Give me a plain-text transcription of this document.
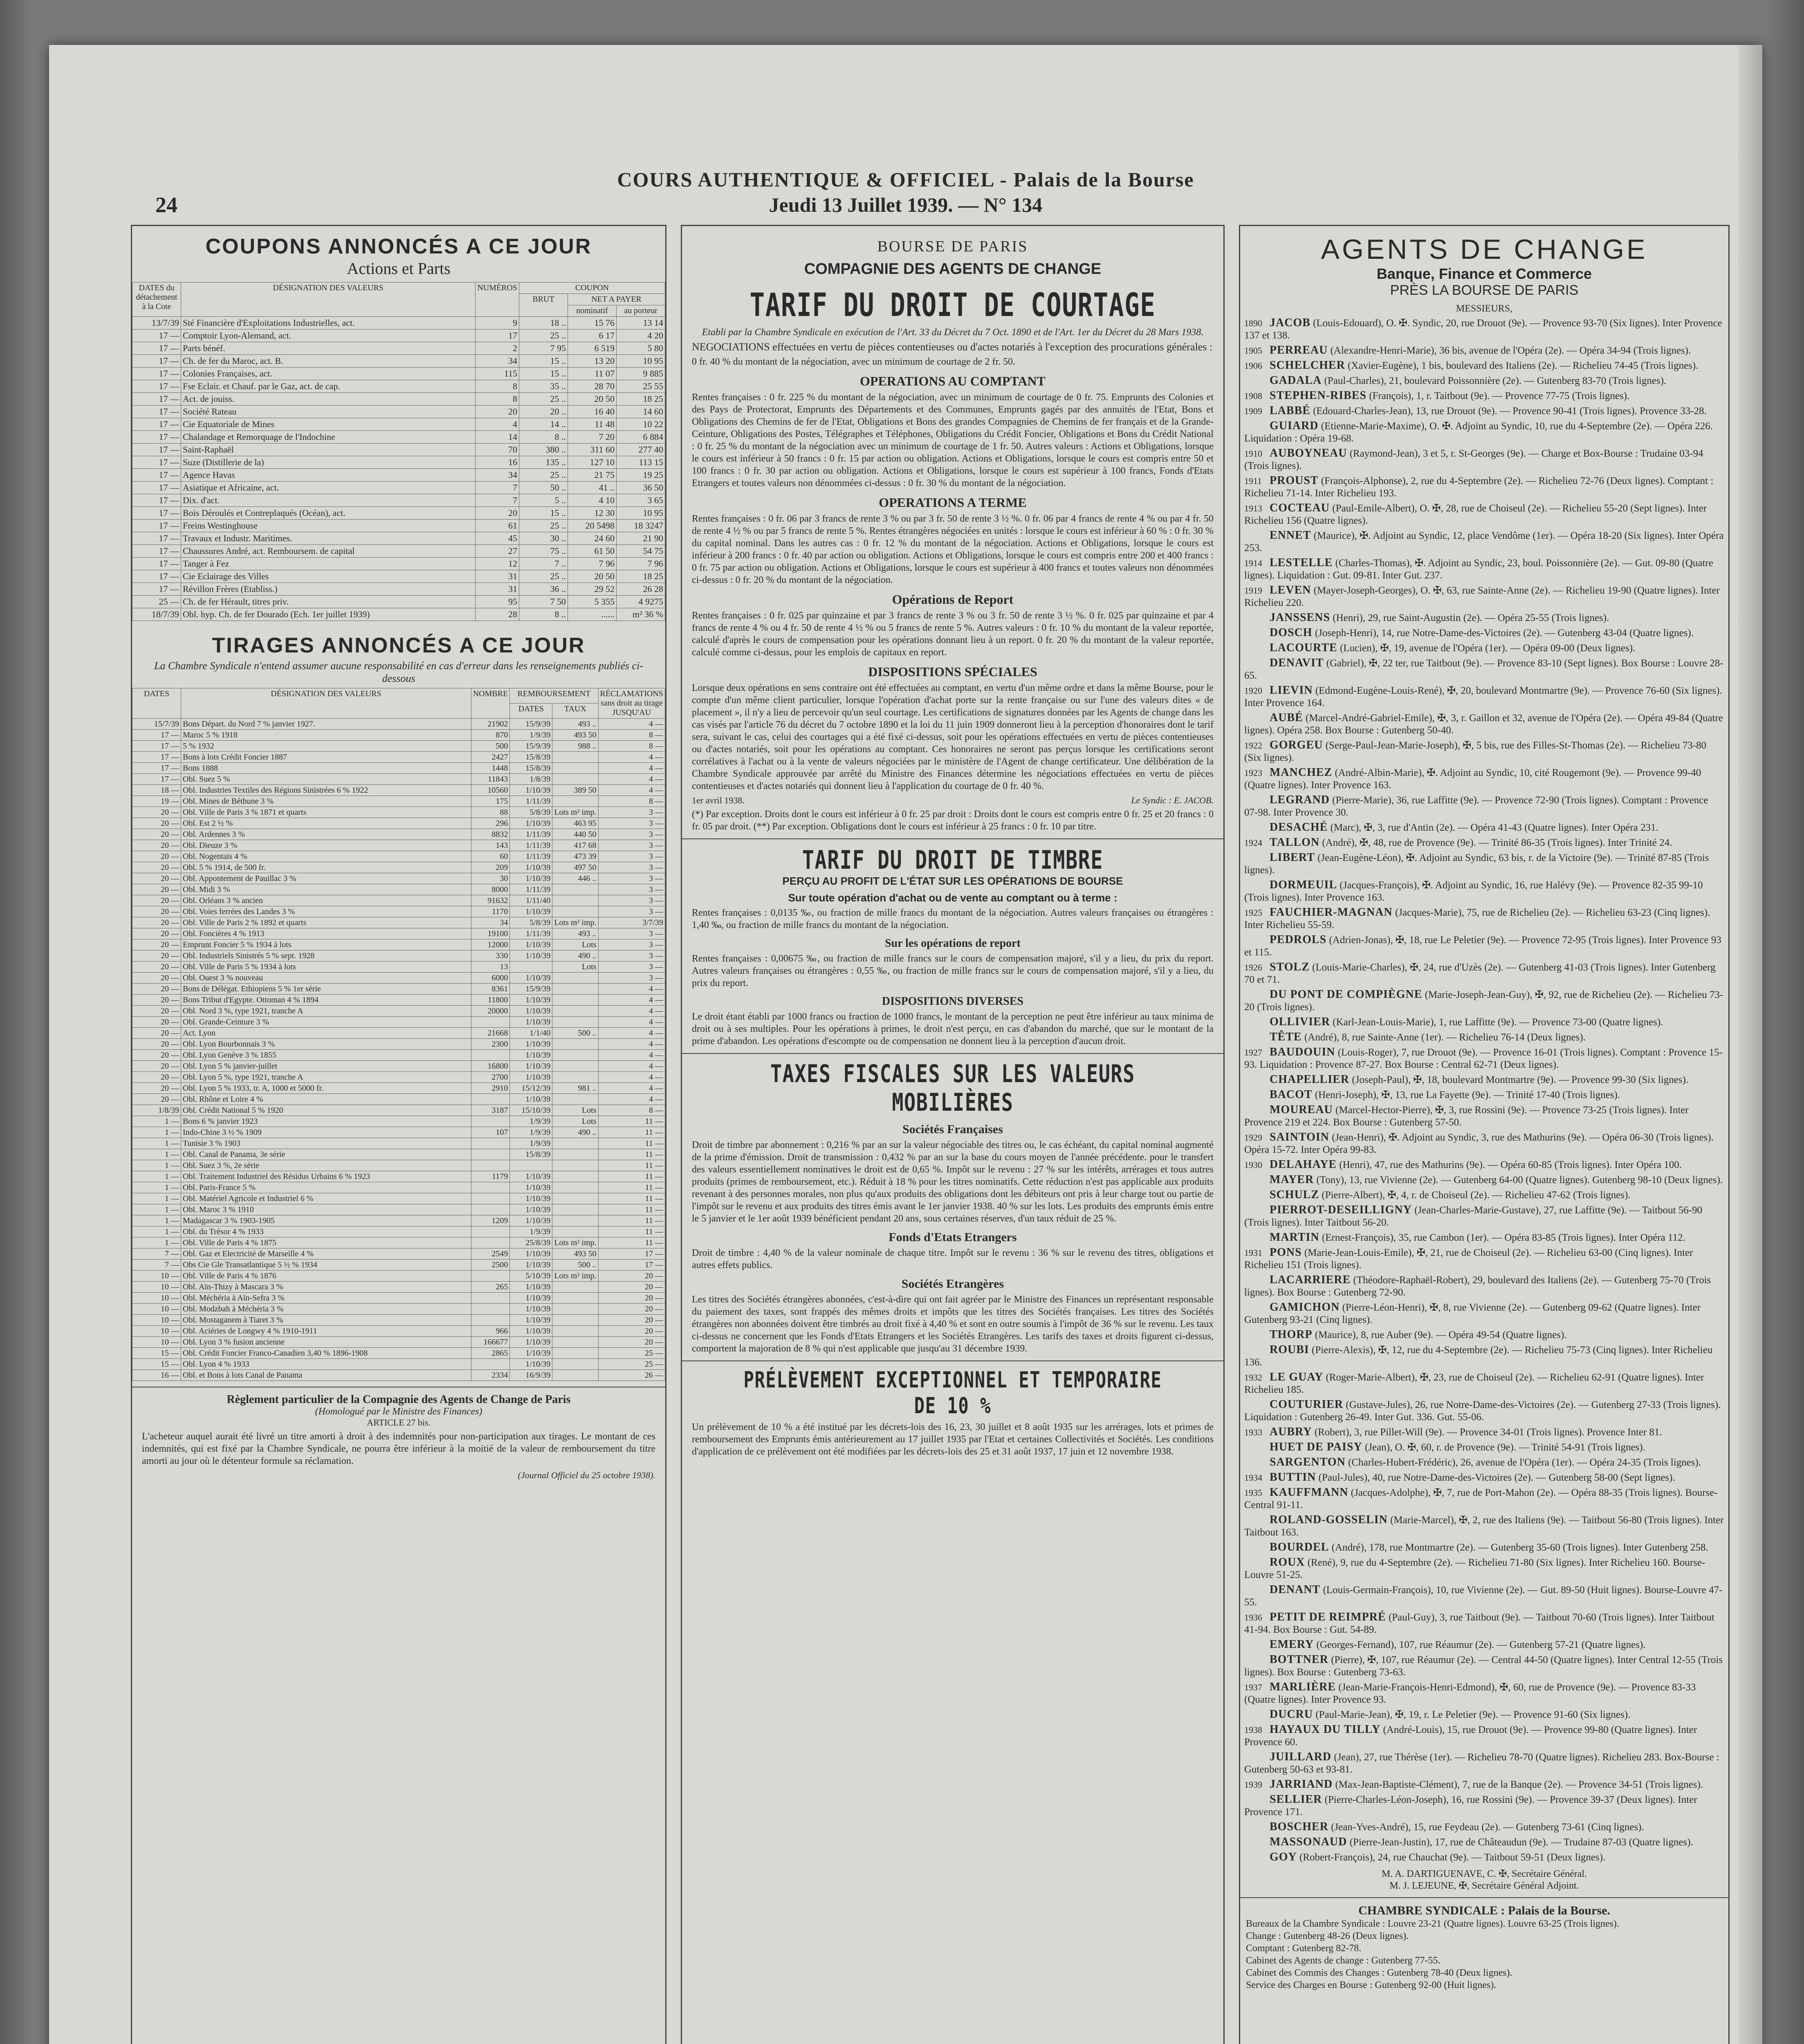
24
COURS AUTHENTIQUE & OFFICIEL - Palais de la Bourse
Jeudi 13 Juillet 1939. — N° 134
COUPONS ANNONCÉS A CE JOUR
Actions et Parts
DATES du détachement à la Cote	DÉSIGNATION DES VALEURS	NUMÉROS	COUPON		
			BRUT	NET A PAYER	
				nominatif	au porteur
13/7/39	Sté Financière d'Exploitations Industrielles, act.	9	18 ..	15 76	13 14
17 —	Comptoir Lyon-Alemand, act.	17	25 ..	6 17	4 20
17 —	Parts bénéf.	2	7 95	6 519	5 80
17 —	Ch. de fer du Maroc, act. B.	34	15 ..	13 20	10 95
17 —	Colonies Françaises, act.	115	15 ..	11 07	9 885
17 —	Fse Eclair. et Chauf. par le Gaz, act. de cap.	8	35 ..	28 70	25 55
17 —	Act. de jouiss.	8	25 ..	20 50	18 25
17 —	Société Rateau	20	20 ..	16 40	14 60
17 —	Cie Equatoriale de Mines	4	14 ..	11 48	10 22
17 —	Chalandage et Remorquage de l'Indochine	14	8 ..	7 20	6 884
17 —	Saint-Raphaël	70	380 ..	311 60	277 40
17 —	Suze (Distillerie de la)	16	135 ..	127 10	113 15
17 —	Agence Havas	34	25 ..	21 75	19 25
17 —	Asiatique et Africaine, act.	7	50 ..	41 ..	36 50
17 —	Dix. d'act.	7	5 ..	4 10	3 65
17 —	Bois Déroulés et Contreplaqués (Océan), act.	20	15 ..	12 30	10 95
17 —	Freins Westinghouse	61	25 ..	20 5498	18 3247
17 —	Travaux et Industr. Maritimes.	45	30 ..	24 60	21 90
17 —	Chaussures André, act. Remboursem. de capital	27	75 ..	61 50	54 75
17 —	Tanger à Fez	12	7 ..	7 96	7 96
17 —	Cie Eclairage des Villes	31	25 ..	20 50	18 25
17 —	Révillon Frères (Etabliss.)	31	36 ..	29 52	26 28
25 —	Ch. de fer Hérault, titres priv.	95	7 50	5 355	4 9275
18/7/39	Obl. hyp. Ch. de fer Dourado (Ech. 1er juillet 1939)	28	8 ..	......	m² 36 %
TIRAGES ANNONCÉS A CE JOUR
La Chambre Syndicale n'entend assumer aucune responsabilité en cas d'erreur dans les renseignements publiés ci-dessous
DATES	DÉSIGNATION DES VALEURS	NOMBRE	REMBOURSEMENT		RÉCLAMATIONS sans droit au tirage JUSQU'AU
			DATES	TAUX	
15/7/39	Bons Départ. du Nord 7 % janvier 1927.	21902	15/9/39	493 ..	4 —
17 —	Maroc 5 % 1918	870	1/9/39	493 50	8 —
17 —	5 % 1932	500	15/9/39	988 ..	8 —
17 —	Bons à lots Crédit Foncier 1887	2427	15/8/39		4 —
17 —	Bons 1888	1448	15/8/39		4 —
17 —	Obl. Suez 5 %	11843	1/8/39		4 —
18 —	Obl. Industries Textiles des Régions Sinistrées 6 % 1922	10560	1/10/39	389 50	4 —
19 —	Obl. Mines de Béthune 3 %	175	1/11/39		8 —
20 —	Obl. Ville de Paris 3 % 1871 et quarts	88	5/8/39	Lots m² imp.	3 —
20 —	Obl. Est 2 ½ %	296	1/10/39	463 95	3 —
20 —	Obl. Ardennes 3 %	8832	1/11/39	440 50	3 —
20 —	Obl. Dieuze 3 %	143	1/11/39	417 68	3 —
20 —	Obl. Nogentais 4 %	60	1/11/39	473 39	3 —
20 —	Obl. 5 % 1914, de 500 fr.	209	1/10/39	497 50	3 —
20 —	Obl. Appontement de Pauillac 3 %	30	1/10/39	446 ..	3 —
20 —	Obl. Midi 3 %	8000	1/11/39		3 —
20 —	Obl. Orléans 3 % ancien	91632	1/11/40		3 —
20 —	Obl. Voies ferrées des Landes 3 %	1170	1/10/39		3 —
20 —	Obl. Ville de Paris 2 % 1892 et quarts	34	5/8/39	Lots m² imp.	3/7/39
20 —	Obl. Foncières 4 % 1913	19100	1/11/39	493 ..	3 —
20 —	Emprunt Foncier 5 % 1934 à lots	12000	1/10/39	Lots	3 —
20 —	Obl. Industriels Sinistrés 5 % sept. 1928	330	1/10/39	490 ..	3 —
20 —	Obl. Ville de Paris 5 % 1934 à lots	13		Lots	3 —
20 —	Obl. Ouest 3 % nouveau	6000	1/10/39		3 —
20 —	Bons de Délégat. Ethiopiens 5 % 1er série	8361	15/9/39		4 —
20 —	Bons Tribut d'Egypte. Ottoman 4 % 1894	11800	1/10/39		4 —
20 —	Obl. Nord 3 %, type 1921, tranche A	20000	1/10/39		4 —
20 —	Obl. Grande-Ceinture 3 %		1/10/39		4 —
20 —	Act. Lyon	21668	1/1/40	500 ..	4 —
20 —	Obl. Lyon Bourbonnais 3 %	2300	1/10/39		4 —
20 —	Obl. Lyon Genève 3 % 1855		1/10/39		4 —
20 —	Obl. Lyon 5 % janvier-juillet	16800	1/10/39		4 —
20 —	Obl. Lyon 5 %, type 1921, tranche A	2700	1/10/39		4 —
20 —	Obl. Lyon 5 % 1933, tr. A, 1000 et 5000 fr.	2910	15/12/39	981 ..	4 —
20 —	Obl. Rhône et Loire 4 %		1/10/39		4 —
1/8/39	Obl. Crédit National 5 % 1920	3187	15/10/39	Lots	8 —
1 —	Bons 6 % janvier 1923		1/9/39	Lots	11 —
1 —	Indo-Chine 3 ½ % 1909	107	1/9/39	490 ..	11 —
1 —	Tunisie 3 % 1903		1/9/39		11 —
1 —	Obl. Canal de Panama, 3e série		15/8/39		11 —
1 —	Obl. Suez 3 %, 2e série				11 —
1 —	Obl. Traitement Industriel des Résidus Urbains 6 % 1923	1179	1/10/39		11 —
1 —	Obl. Paris-France 5 %		1/10/39		11 —
1 —	Obl. Matériel Agricole et Industriel 6 %		1/10/39		11 —
1 —	Obl. Maroc 3 % 1910		1/10/39		11 —
1 —	Madagascar 3 % 1903-1905	1209	1/10/39		11 —
1 —	Obl. du Trésor 4 % 1933		1/9/39		11 —
1 —	Obl. Ville de Paris 4 % 1875		25/8/39	Lots m² imp.	11 —
7 —	Obl. Gaz et Electricité de Marseille 4 %	2549	1/10/39	493 50	17 —
7 —	Obs Cie Gle Transatlantique 5 ½ % 1934	2500	1/10/39	500 ..	17 —
10 —	Obl. Ville de Paris 4 % 1876		5/10/39	Lots m² imp.	20 —
10 —	Obl. Aïn-Thizy à Mascara 3 %	265	1/10/39		20 —
10 —	Obl. Méchéria à Aïn-Sefra 3 %		1/10/39		20 —
10 —	Obl. Modzbah à Méchéria 3 %		1/10/39		20 —
10 —	Obl. Mostaganem à Tiaret 3 %		1/10/39		20 —
10 —	Obl. Aciéries de Longwy 4 % 1910-1911	966	1/10/39		20 —
10 —	Obl. Lyon 3 % fusion ancienne	166677	1/10/39		20 —
15 —	Obl. Crédit Foncier Franco-Canadien 3,40 % 1896-1908	2865	1/10/39		25 —
15 —	Obl. Lyon 4 % 1933		1/10/39		25 —
16 —	Obl. et Bons à lots Canal de Panama	2334	16/9/39		26 —
Règlement particulier de la Compagnie des Agents de Change de Paris
(Homologué par le Ministre des Finances)
ARTICLE 27 bis.
L'acheteur auquel aurait été livré un titre amorti à droit à des indemnités pour non-participation aux tirages. Le montant de ces indemnités, qui est fixé par la Chambre Syndicale, ne pourra être inférieur à la moitié de la valeur de remboursement du titre amorti au jour où le détenteur formule sa réclamation.
(Journal Officiel du 25 octobre 1938).
BOURSE DE PARIS
COMPAGNIE DES AGENTS DE CHANGE
TARIF DU DROIT DE COURTAGE
Etabli par la Chambre Syndicale en exécution de l'Art. 33 du Décret du 7 Oct. 1890 et de l'Art. 1er du Décret du 28 Mars 1938.
NEGOCIATIONS effectuées en vertu de pièces contentieuses ou d'actes notariés à l'exception des procurations générales :
0 fr. 40 % du montant de la négociation, avec un minimum de courtage de 2 fr. 50.
OPERATIONS AU COMPTANT
Rentes françaises : 0 fr. 225 % du montant de la négociation, avec un minimum de courtage de 0 fr. 75. Emprunts des Colonies et des Pays de Protectorat, Emprunts des Départements et des Communes, Emprunts gagés par des annuités de l'Etat, Bons et Obligations des Chemins de fer de l'Etat, Obligations et Bons des grandes Compagnies de Chemins de fer français et de la Grande-Ceinture, Obligations des Postes, Télégraphes et Téléphones, Obligations du Crédit Foncier, Obligations et Bons du Crédit National : 0 fr. 25 % du montant de la négociation avec un minimum de courtage de 1 fr. 50. Autres valeurs : Actions et Obligations, lorsque le cours est inférieur à 50 francs : 0 fr. 15 par action ou obligation. Actions et Obligations, lorsque le cours est compris entre 50 et 100 francs : 0 fr. 30 par action ou obligation. Actions et Obligations, lorsque le cours est supérieur à 100 francs, Fonds d'Etats Etrangers et toutes valeurs non dénommées ci-dessus : 0 fr. 30 % du montant de la négociation.
OPERATIONS A TERME
Rentes françaises : 0 fr. 06 par 3 francs de rente 3 % ou par 3 fr. 50 de rente 3 ½ %. 0 fr. 06 par 4 francs de rente 4 % ou par 4 fr. 50 de rente 4 ½ % ou par 5 francs de rente 5 %. Rentes étrangères négociées en unités : lorsque le cours est inférieur à 60 % : 0 fr. 30 % du capital nominal. Dans les autres cas : 0 fr. 12 % du montant de la négociation. Actions et Obligations, lorsque le cours est inférieur à 200 francs : 0 fr. 40 par action ou obligation. Actions et Obligations, lorsque le cours est compris entre 200 et 400 francs : 0 fr. 75 par action ou obligation. Actions et Obligations, lorsque le cours est supérieur à 400 francs et toutes valeurs non dénommées ci-dessus : 0 fr. 20 % du montant de la négociation.
Opérations de Report
Rentes françaises : 0 fr. 025 par quinzaine et par 3 francs de rente 3 % ou 3 fr. 50 de rente 3 ½ %. 0 fr. 025 par quinzaine et par 4 francs de rente 4 % ou 4 fr. 50 de rente 4 ½ % ou 5 francs de rente 5 %. Autres valeurs : 0 fr. 10 % du montant de la valeur reportée, calculé d'après le cours de compensation pour les opérations donnant lieu à un report. 0 fr. 20 % du montant de la valeur reportée, calculé comme ci-dessus, pour les emplois de capitaux en report.
DISPOSITIONS SPÉCIALES
Lorsque deux opérations en sens contraire ont été effectuées au comptant, en vertu d'un même ordre et dans la même Bourse, pour le compte d'un même client particulier, lorsque l'opération d'achat porte sur la rente française ou sur l'une des valeurs dites « de placement », il n'y a lieu de percevoir qu'un seul courtage. Les certifications de signatures données par les Agents de change dans les cas visés par l'article 76 du décret du 7 octobre 1890 et la loi du 11 juin 1909 donneront lieu à la perception d'honoraires dont le tarif sera, suivant le cas, celui des courtages qui a été fixé ci-dessus, soit pour les opérations effectuées en vertu de pièces contentieuses ou d'actes notariés, soit pour les opérations au comptant. Ces honoraires ne seront pas perçus lorsque les certifications seront corrélatives à l'achat ou à la vente de valeurs négociées par le ministère de l'Agent de change certificateur. Une délibération de la Chambre Syndicale approuvée par arrêté du Ministre des Finances détermine les négociations effectuées en vertu de pièces contentieuses et d'actes notariés qui donnent lieu à l'application du courtage de 0 fr. 40 %.
1er avril 1938.	Le Syndic : E. JACOB.
(*) Par exception. Droits dont le cours est inférieur à 0 fr. 25 par droit : Droits dont le cours est compris entre 0 fr. 25 et 20 francs : 0 fr. 05 par droit. (**) Par exception. Obligations dont le cours est inférieur à 25 francs : 0 fr. 10 par titre.
TARIF DU DROIT DE TIMBRE
PERÇU AU PROFIT DE L'ÉTAT SUR LES OPÉRATIONS DE BOURSE
Sur toute opération d'achat ou de vente au comptant ou à terme :
Rentes françaises : 0,0135 ‰, ou fraction de mille francs du montant de la négociation. Autres valeurs françaises ou étrangères : 1,40 ‰, ou fraction de mille francs du montant de la négociation.
Sur les opérations de report
Rentes françaises : 0,00675 ‰, ou fraction de mille francs sur le cours de compensation majoré, s'il y a lieu, du prix du report. Autres valeurs françaises ou étrangères : 0,55 ‰, ou fraction de mille francs sur le cours de compensation majoré, s'il y a lieu, du prix du report.
DISPOSITIONS DIVERSES
Le droit étant établi par 1000 francs ou fraction de 1000 francs, le montant de la perception ne peut être inférieur au taux minima de droit ou à ses multiples. Pour les opérations à primes, le droit n'est perçu, en cas d'abandon du marché, que sur le montant de la prime d'abandon. Les opérations d'escompte ou de compensation ne donnent lieu à la perception d'aucun droit.
TAXES FISCALES SUR LES VALEURS MOBILIÈRES
Sociétés Françaises
Droit de timbre par abonnement : 0,216 % par an sur la valeur négociable des titres ou, le cas échéant, du capital nominal augmenté de la prime d'émission. Droit de transmission : 0,432 % par an sur la base du cours moyen de l'année précédente. pour le transfert des valeurs essentiellement nominatives le droit est de 0,65 %. Impôt sur le revenu : 27 % sur les intérêts, arrérages et tous autres produits (primes de remboursement, etc.). Réduit à 18 % pour les titres nominatifs. Cette réduction n'est pas applicable aux produits revenant à des personnes morales, non plus qu'aux produits des obligations dont les débiteurs ont pris à leur charge tout ou partie de l'impôt sur le revenu et aux produits des titres émis avant le 1er janvier 1938. 40 % sur les lots. Les produits des emprunts émis entre le 5 janvier et le 1er août 1939 bénéficient pendant 20 ans, sous certaines réserves, d'un taux réduit de 25 %.
Fonds d'Etats Etrangers
Droit de timbre : 4,40 % de la valeur nominale de chaque titre. Impôt sur le revenu : 36 % sur le revenu des titres, obligations et autres effets publics.
Sociétés Etrangères
Les titres des Sociétés étrangères abonnées, c'est-à-dire qui ont fait agréer par le Ministre des Finances un représentant responsable du paiement des taxes, sont frappés des mêmes droits et impôts que les titres des Sociétés françaises. Les titres des Sociétés étrangères non abonnées doivent être timbrés au droit fixé à 4,40 % et sont en outre soumis à l'impôt de 36 % sur le revenu. Les taux ci-dessus ne concernent que les Fonds d'Etats Etrangers et les Sociétés Etrangères. Les tarifs des taxes et droits figurent ci-dessus, comportent la majoration de 8 % qui n'est applicable que jusqu'au 31 décembre 1939.
PRÉLÈVEMENT EXCEPTIONNEL ET TEMPORAIRE DE 10 %
Un prélèvement de 10 % a été institué par les décrets-lois des 16, 23, 30 juillet et 8 août 1935 sur les arrérages, lots et primes de remboursement des Emprunts émis antérieurement au 17 juillet 1935 par l'Etat et certaines Collectivités et Sociétés. Les conditions d'application de ce prélèvement ont été modifiées par les décrets-lois des 25 et 31 août 1937, 17 juin et 12 novembre 1938.
AGENTS DE CHANGE
Banque, Finance et Commerce
PRÈS LA BOURSE DE PARIS
MESSIEURS,
1890 JACOB (Louis-Edouard), O. ✠. Syndic, 20, rue Drouot (9e). — Provence 93-70 (Six lignes). Inter Provence 137 et 138.
1905 PERREAU (Alexandre-Henri-Marie), 36 bis, avenue de l'Opéra (2e). — Opéra 34-94 (Trois lignes).
1906 SCHELCHER (Xavier-Eugène), 1 bis, boulevard des Italiens (2e). — Richelieu 74-45 (Trois lignes).
GADALA (Paul-Charles), 21, boulevard Poissonnière (2e). — Gutenberg 83-70 (Trois lignes).
1908 STEPHEN-RIBES (François), 1, r. Taitbout (9e). — Provence 77-75 (Trois lignes).
1909 LABBÉ (Edouard-Charles-Jean), 13, rue Drouot (9e). — Provence 90-41 (Trois lignes). Provence 33-28.
GUIARD (Etienne-Marie-Maxime), O. ✠. Adjoint au Syndic, 10, rue du 4-Septembre (2e). — Opéra 226. Liquidation : Opéra 19-68.
1910 AUBOYNEAU (Raymond-Jean), 3 et 5, r. St-Georges (9e). — Charge et Box-Bourse : Trudaine 03-94 (Trois lignes).
1911 PROUST (François-Alphonse), 2, rue du 4-Septembre (2e). — Richelieu 72-76 (Deux lignes). Comptant : Richelieu 71-14. Inter Richelieu 193.
1913 COCTEAU (Paul-Emile-Albert), O. ✠, 28, rue de Choiseul (2e). — Richelieu 55-20 (Sept lignes). Inter Richelieu 156 (Quatre lignes).
ENNET (Maurice), ✠. Adjoint au Syndic, 12, place Vendôme (1er). — Opéra 18-20 (Six lignes). Inter Opéra 253.
1914 LESTELLE (Charles-Thomas), ✠. Adjoint au Syndic, 23, boul. Poissonnière (2e). — Gut. 09-80 (Quatre lignes). Liquidation : Gut. 09-81. Inter Gut. 237.
1919 LEVEN (Mayer-Joseph-Georges), O. ✠, 63, rue Sainte-Anne (2e). — Richelieu 19-90 (Quatre lignes). Inter Richelieu 220.
JANSSENS (Henri), 29, rue Saint-Augustin (2e). — Opéra 25-55 (Trois lignes).
DOSCH (Joseph-Henri), 14, rue Notre-Dame-des-Victoires (2e). — Gutenberg 43-04 (Quatre lignes).
LACOURTE (Lucien), ✠, 19, avenue de l'Opéra (1er). — Opéra 09-00 (Deux lignes).
DENAVIT (Gabriel), ✠, 22 ter, rue Taitbout (9e). — Provence 83-10 (Sept lignes). Box Bourse : Louvre 28-65.
1920 LIEVIN (Edmond-Eugène-Louis-René), ✠, 20, boulevard Montmartre (9e). — Provence 76-60 (Six lignes). Inter Provence 164.
AUBÉ (Marcel-André-Gabriel-Emile), ✠, 3, r. Gaillon et 32, avenue de l'Opéra (2e). — Opéra 49-84 (Quatre lignes). Opéra 258. Box Bourse : Gutenberg 50-40.
1922 GORGEU (Serge-Paul-Jean-Marie-Joseph), ✠, 5 bis, rue des Filles-St-Thomas (2e). — Richelieu 73-80 (Six lignes).
1923 MANCHEZ (André-Albin-Marie), ✠. Adjoint au Syndic, 10, cité Rougemont (9e). — Provence 99-40 (Quatre lignes). Inter Provence 163.
LEGRAND (Pierre-Marie), 36, rue Laffitte (9e). — Provence 72-90 (Trois lignes). Comptant : Provence 07-98. Inter Provence 30.
DESACHÉ (Marc), ✠, 3, rue d'Antin (2e). — Opéra 41-43 (Quatre lignes). Inter Opéra 231.
1924 TALLON (André), ✠, 48, rue de Provence (9e). — Trinité 86-35 (Trois lignes). Inter Trinité 24.
LIBERT (Jean-Eugène-Léon), ✠. Adjoint au Syndic, 63 bis, r. de la Victoire (9e). — Trinité 87-85 (Trois lignes).
DORMEUIL (Jacques-François), ✠. Adjoint au Syndic, 16, rue Halévy (9e). — Provence 82-35 99-10 (Trois lignes). Inter Provence 163.
1925 FAUCHIER-MAGNAN (Jacques-Marie), 75, rue de Richelieu (2e). — Richelieu 63-23 (Cinq lignes). Inter Richelieu 55-59.
PEDROLS (Adrien-Jonas), ✠, 18, rue Le Peletier (9e). — Provence 72-95 (Trois lignes). Inter Provence 93 et 115.
1926 STOLZ (Louis-Marie-Charles), ✠, 24, rue d'Uzès (2e). — Gutenberg 41-03 (Trois lignes). Inter Gutenberg 70 et 71.
DU PONT DE COMPIÈGNE (Marie-Joseph-Jean-Guy), ✠, 92, rue de Richelieu (2e). — Richelieu 73-20 (Trois lignes).
OLLIVIER (Karl-Jean-Louis-Marie), 1, rue Laffitte (9e). — Provence 73-00 (Quatre lignes).
TÊTE (André), 8, rue Sainte-Anne (1er). — Richelieu 76-14 (Deux lignes).
1927 BAUDOUIN (Louis-Roger), 7, rue Drouot (9e). — Provence 16-01 (Trois lignes). Comptant : Provence 15-93. Liquidation : Provence 87-27. Box Bourse : Central 62-71 (Deux lignes).
CHAPELLIER (Joseph-Paul), ✠, 18, boulevard Montmartre (9e). — Provence 99-30 (Six lignes).
BACOT (Henri-Joseph), ✠, 13, rue La Fayette (9e). — Trinité 17-40 (Trois lignes).
MOUREAU (Marcel-Hector-Pierre), ✠, 3, rue Rossini (9e). — Provence 73-25 (Trois lignes). Inter Provence 219 et 224. Box Bourse : Gutenberg 57-50.
1929 SAINTOIN (Jean-Henri), ✠. Adjoint au Syndic, 3, rue des Mathurins (9e). — Opéra 06-30 (Trois lignes). Opéra 15-72. Inter Opéra 99-83.
1930 DELAHAYE (Henri), 47, rue des Mathurins (9e). — Opéra 60-85 (Trois lignes). Inter Opéra 100.
MAYER (Tony), 13, rue Vivienne (2e). — Gutenberg 64-00 (Quatre lignes). Gutenberg 98-10 (Deux lignes).
SCHULZ (Pierre-Albert), ✠, 4, r. de Choiseul (2e). — Richelieu 47-62 (Trois lignes).
PIERROT-DESEILLIGNY (Jean-Charles-Marie-Gustave), 27, rue Laffitte (9e). — Taitbout 56-90 (Trois lignes). Inter Taitbout 56-20.
MARTIN (Ernest-François), 35, rue Cambon (1er). — Opéra 83-85 (Trois lignes). Inter Opéra 112.
1931 PONS (Marie-Jean-Louis-Emile), ✠, 21, rue de Choiseul (2e). — Richelieu 63-00 (Cinq lignes). Inter Richelieu 151 (Trois lignes).
LACARRIERE (Théodore-Raphaël-Robert), 29, boulevard des Italiens (2e). — Gutenberg 75-70 (Trois lignes). Box Bourse : Gutenberg 72-90.
GAMICHON (Pierre-Léon-Henri), ✠, 8, rue Vivienne (2e). — Gutenberg 09-62 (Quatre lignes). Inter Gutenberg 93-21 (Cinq lignes).
THORP (Maurice), 8, rue Auber (9e). — Opéra 49-54 (Quatre lignes).
ROUBI (Pierre-Alexis), ✠, 12, rue du 4-Septembre (2e). — Richelieu 75-73 (Cinq lignes). Inter Richelieu 136.
1932 LE GUAY (Roger-Marie-Albert), ✠, 23, rue de Choiseul (2e). — Richelieu 62-91 (Quatre lignes). Inter Richelieu 185.
COUTURIER (Gustave-Jules), 26, rue Notre-Dame-des-Victoires (2e). — Gutenberg 27-33 (Trois lignes). Liquidation : Gutenberg 26-49. Inter Gut. 336. Gut. 55-06.
1933 AUBRY (Robert), 3, rue Pillet-Will (9e). — Provence 34-01 (Trois lignes). Provence Inter 81.
HUET DE PAISY (Jean), O. ✠, 60, r. de Provence (9e). — Trinité 54-91 (Trois lignes).
SARGENTON (Charles-Hubert-Frédéric), 26, avenue de l'Opéra (1er). — Opéra 24-35 (Trois lignes).
1934 BUTTIN (Paul-Jules), 40, rue Notre-Dame-des-Victoires (2e). — Gutenberg 58-00 (Sept lignes).
1935 KAUFFMANN (Jacques-Adolphe), ✠, 7, rue de Port-Mahon (2e). — Opéra 88-35 (Trois lignes). Bourse-Central 91-11.
ROLAND-GOSSELIN (Marie-Marcel), ✠, 2, rue des Italiens (9e). — Taitbout 56-80 (Trois lignes). Inter Taitbout 163.
BOURDEL (André), 178, rue Montmartre (2e). — Gutenberg 35-60 (Trois lignes). Inter Gutenberg 258.
ROUX (René), 9, rue du 4-Septembre (2e). — Richelieu 71-80 (Six lignes). Inter Richelieu 160. Bourse-Louvre 51-25.
DENANT (Louis-Germain-François), 10, rue Vivienne (2e). — Gut. 89-50 (Huit lignes). Bourse-Louvre 47-55.
1936 PETIT DE REIMPRÉ (Paul-Guy), 3, rue Taitbout (9e). — Taitbout 70-60 (Trois lignes). Inter Taitbout 41-94. Box Bourse : Gut. 54-89.
EMERY (Georges-Fernand), 107, rue Réaumur (2e). — Gutenberg 57-21 (Quatre lignes).
BOTTNER (Pierre), ✠, 107, rue Réaumur (2e). — Central 44-50 (Quatre lignes). Inter Central 12-55 (Trois lignes). Box Bourse : Gutenberg 73-63.
1937 MARLIÈRE (Jean-Marie-François-Henri-Edmond), ✠, 60, rue de Provence (9e). — Provence 83-33 (Quatre lignes). Inter Provence 93.
DUCRU (Paul-Marie-Jean), ✠, 19, r. Le Peletier (9e). — Provence 91-60 (Six lignes).
1938 HAYAUX DU TILLY (André-Louis), 15, rue Drouot (9e). — Provence 99-80 (Quatre lignes). Inter Provence 60.
JUILLARD (Jean), 27, rue Thérèse (1er). — Richelieu 78-70 (Quatre lignes). Richelieu 283. Box-Bourse : Gutenberg 50-63 et 93-81.
1939 JARRIAND (Max-Jean-Baptiste-Clément), 7, rue de la Banque (2e). — Provence 34-51 (Trois lignes).
SELLIER (Pierre-Charles-Léon-Joseph), 16, rue Rossini (9e). — Provence 39-37 (Deux lignes). Inter Provence 171.
BOSCHER (Jean-Yves-André), 15, rue Feydeau (2e). — Gutenberg 73-61 (Cinq lignes).
MASSONAUD (Pierre-Jean-Justin), 17, rue de Châteaudun (9e). — Trudaine 87-03 (Quatre lignes).
GOY (Robert-François), 24, rue Chauchat (9e). — Taitbout 59-51 (Deux lignes).
M. A. DARTIGUENAVE, C. ✠, Secrétaire Général.
M. J. LEJEUNE, ✠, Secrétaire Général Adjoint.
CHAMBRE SYNDICALE : Palais de la Bourse.
Bureaux de la Chambre Syndicale : Louvre 23-21 (Quatre lignes). Louvre 63-25 (Trois lignes).
Change : Gutenberg 48-26 (Deux lignes).
Comptant : Gutenberg 82-78.
Cabinet des Agents de change : Gutenberg 77-55.
Cabinet des Commis des Changes : Gutenberg 78-40 (Deux lignes).
Service des Charges en Bourse : Gutenberg 92-00 (Huit lignes).
